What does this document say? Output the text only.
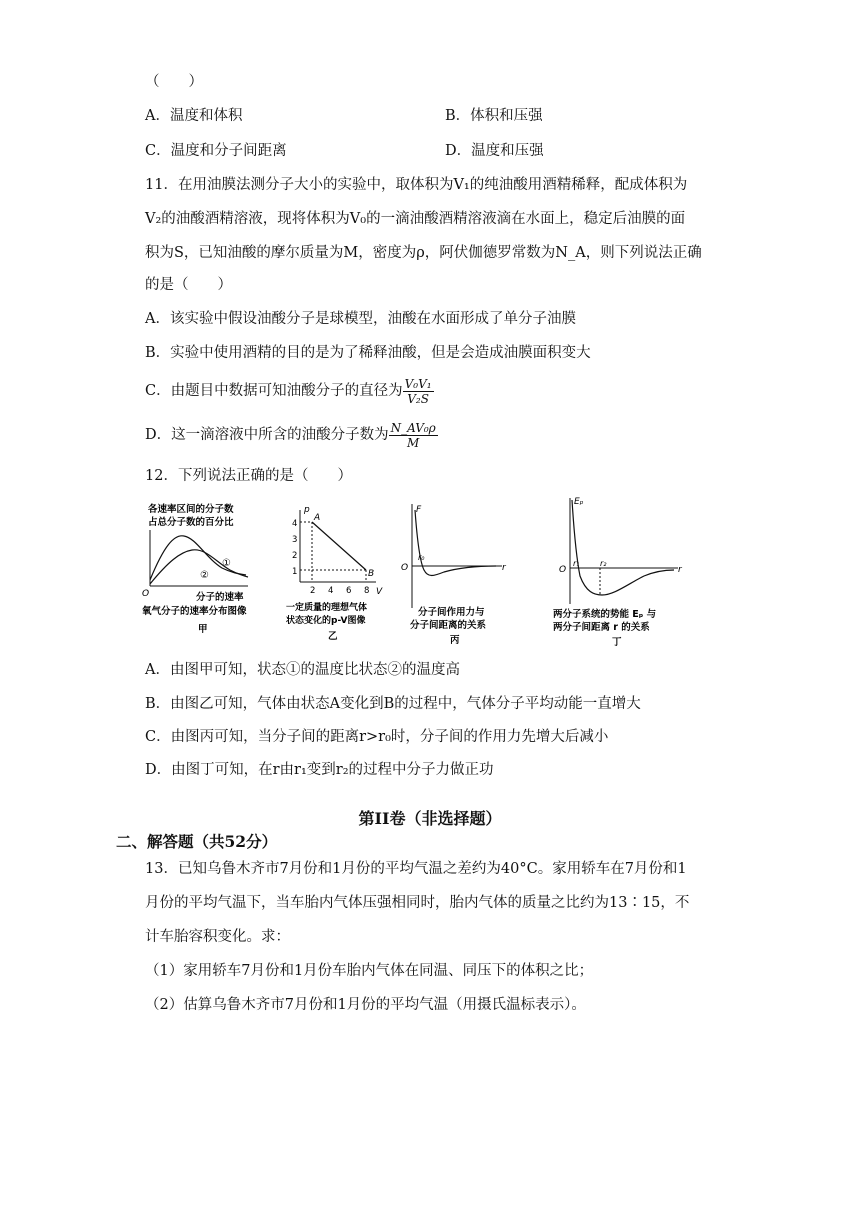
（　　）
A．温度和体积	B．体积和压强
C．温度和分子间距离	D．温度和压强
11．在用油膜法测分子大小的实验中，取体积为V₁的纯油酸用酒精稀释，配成体积为
V₂的油酸酒精溶液，现将体积为V₀的一滴油酸酒精溶液滴在水面上，稳定后油膜的面
积为S，已知油酸的摩尔质量为M，密度为ρ，阿伏伽德罗常数为N_A，则下列说法正确
的是（　　）
A．该实验中假设油酸分子是球模型，油酸在水面形成了单分子油膜
B．实验中使用酒精的目的是为了稀释油酸，但是会造成油膜面积变大
C．由题目中数据可知油酸分子的直径为 $\frac{\text{V₀V₁}}{\text{V₂S}}$
D．这一滴溶液中所含的油酸分子数为 $\frac{\text{N\_AV₀ρ}}{M}$
12．下列说法正确的是（　　）
各速率区间的分子数
占总分子数的百分比
①
②
O	分子的速率
氧气分子的速率分布图像
甲
p
V
A
B
4
3
2
1
2 4 6 8
一定质量的理想气体
状态变化的p-V图像
乙
F
r
O
r₀
分子间作用力与
分子间距离的关系
丙
Eₚ
r
O
r₁	r₂
两分子系统的势能 Eₚ 与
两分子间距离 r 的关系
丁
A．由图甲可知，状态①的温度比状态②的温度高
B．由图乙可知，气体由状态A变化到B的过程中，气体分子平均动能一直增大
C．由图丙可知，当分子间的距离r>r₀时，分子间的作用力先增大后减小
D．由图丁可知，在r由r₁变到r₂的过程中分子力做正功
第II卷（非选择题）
二、解答题（共52分）
13．已知乌鲁木齐市7月份和1月份的平均气温之差约为40°C。家用轿车在7月份和1
月份的平均气温下，当车胎内气体压强相同时，胎内气体的质量之比约为13∶15，不
计车胎容积变化。求：
（1）家用轿车7月份和1月份车胎内气体在同温、同压下的体积之比；
（2）估算乌鲁木齐市7月份和1月份的平均气温（用摄氏温标表示）。
